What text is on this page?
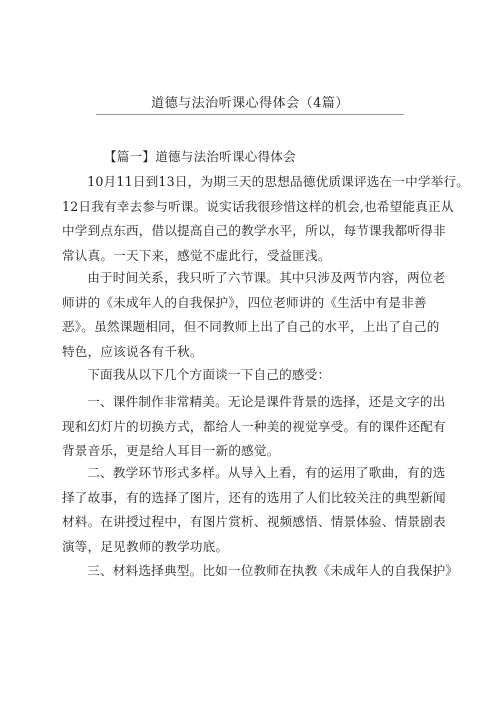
道德与法治听课心得体会（4篇）
【篇一】道德与法治听课心得体会
10月11日到13日，为期三天的思想品德优质课评选在一中学举行。
12日我有幸去参与听课。说实话我很珍惜这样的机会,也希望能真正从
中学到点东西，借以提高自己的教学水平，所以，每节课我都听得非
常认真。一天下来，感觉不虚此行，受益匪浅。
由于时间关系，我只听了六节课。其中只涉及两节内容，两位老
师讲的《未成年人的自我保护》，四位老师讲的《生活中有是非善
恶》。虽然课题相同，但不同教师上出了自己的水平，上出了自己的
特色，应该说各有千秋。
下面我从以下几个方面谈一下自己的感受：
一、课件制作非常精美。无论是课件背景的选择，还是文字的出
现和幻灯片的切换方式，都给人一种美的视觉享受。有的课件还配有
背景音乐，更是给人耳目一新的感觉。
二、教学环节形式多样。从导入上看，有的运用了歌曲，有的选
择了故事，有的选择了图片，还有的选用了人们比较关注的典型新闻
材料。在讲授过程中，有图片赏析、视频感悟、情景体验、情景剧表
演等，足见教师的教学功底。
三、材料选择典型。比如一位教师在执教《未成年人的自我保护》
